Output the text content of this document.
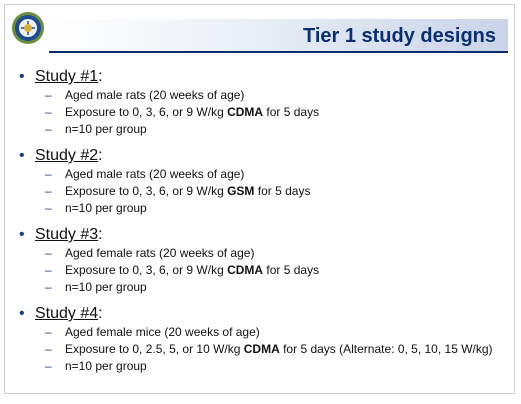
Tier 1 study designs
• Study #1 :
–	Aged male rats (20 weeks of age)
–	Exposure to 0, 3, 6, or 9 W/kg CDMA for 5 days
–	n=10 per group
• Study #2 :
–	Aged male rats (20 weeks of age)
–	Exposure to 0, 3, 6, or 9 W/kg GSM for 5 days
–	n=10 per group
• Study #3 :
–	Aged female rats (20 weeks of age)
–	Exposure to 0, 3, 6, or 9 W/kg CDMA for 5 days
–	n=10 per group
• Study #4 :
–	Aged female mice (20 weeks of age)
–	Exposure to 0, 2.5, 5, or 10 W/kg CDMA for 5 days (Alternate: 0, 5, 10, 15 W/kg)
–	n=10 per group
